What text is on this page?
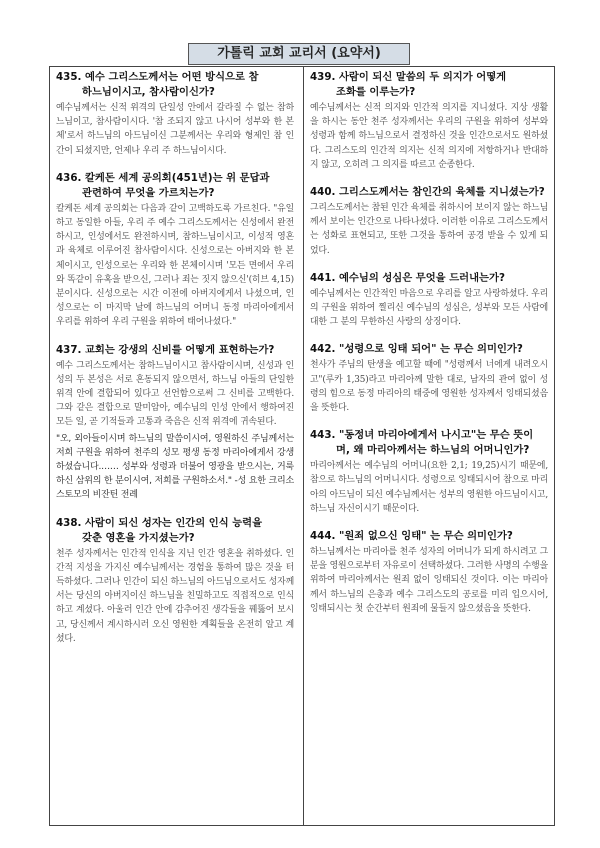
가톨릭 교회 교리서 (요약서)
435. 예수 그리스도께서는 어떤 방식으로 참
하느님이시고, 참사람이신가?
예수님께서는 신적 위격의 단일성 안에서 갈라질 수 없는 참하느님이고, 참사람이시다. '참 조되지 않고 나시어 성부와 한 본체'로서 하느님의 아드님이신 그분께서는 우리와 형제인 참 인간이 되셨지만, 언제나 우리 주 하느님이시다.
436. 칼케돈 세계 공의회(451년)는 위 문답과
관련하여 무엇을 가르치는가?
칼케돈 세계 공의회는 다음과 같이 고백하도록 가르친다. "유일하고 동일한 아들, 우리 주 예수 그리스도께서는 신성에서 완전하시고, 인성에서도 완전하시며, 참하느님이시고, 이성적 영혼과 육체로 이루어진 참사람이시다. 신성으로는 아버지와 한 본체이시고, 인성으로는 우리와 한 본체이시며 '모든 면에서 우리와 똑같이 유혹을 받으신, 그러나 죄는 짓지 않으신'(히브 4,15) 분이시다. 신성으로는 시간 이전에 아버지에게서 나셨으며, 인성으로는 이 마지막 날에 하느님의 어머니 동정 마리아에게서 우리를 위하여 우리 구원을 위하여 태어나셨다."
437. 교회는 강생의 신비를 어떻게 표현하는가?
예수 그리스도께서는 참하느님이시고 참사람이시며, 신성과 인성의 두 본성은 서로 혼동되지 않으면서, 하느님 아들의 단일한 위격 안에 결합되어 있다고 선언함으로써 그 신비를 고백한다. 그와 같은 결합으로 말미암아, 예수님의 인성 안에서 행하여진 모든 일, 곧 기적들과 고통과 죽음은 신적 위격에 귀속된다.
"오, 외아들이시며 하느님의 말씀이시여, 영원하신 주님께서는 저희 구원을 위하여 천주의 성모 평생 동정 마리아에게서 강생하셨습니다.…… 성부와 성령과 더불어 영광을 받으시는, 거룩하신 삼위의 한 분이시여, 저희를 구원하소서." -성 요한 크리소스토모의 비잔틴 전례
438. 사람이 되신 성자는 인간의 인식 능력을
갖춘 영혼을 가지셨는가?
천주 성자께서는 인간적 인식을 지닌 인간 영혼을 취하셨다. 인간적 지성을 가지신 예수님께서는 경험을 통하여 많은 것을 터득하셨다. 그러나 인간이 되신 하느님의 아드님으로서도 성자께서는 당신의 아버지이신 하느님을 친밀하고도 직접적으로 인식하고 계셨다. 아울러 인간 안에 감추어진 생각들을 꿰뚫어 보시고, 당신께서 계시하시러 오신 영원한 계획들을 온전히 알고 계셨다.
439. 사람이 되신 말씀의 두 의지가 어떻게
조화를 이루는가?
예수님께서는 신적 의지와 인간적 의지를 지니셨다. 지상 생활을 하시는 동안 천주 성자께서는 우리의 구원을 위하여 성부와 성령과 함께 하느님으로서 결정하신 것을 인간으로서도 원하셨다. 그리스도의 인간적 의지는 신적 의지에 저항하거나 반대하지 않고, 오히려 그 의지를 따르고 순종한다.
440. 그리스도께서는 참인간의 육체를 지니셨는가?
그리스도께서는 참된 인간 육체를 취하시어 보이지 않는 하느님께서 보이는 인간으로 나타나셨다. 이러한 이유로 그리스도께서는 성화로 표현되고, 또한 그것을 통하여 공경 받을 수 있게 되었다.
441. 예수님의 성심은 무엇을 드러내는가?
예수님께서는 인간적인 마음으로 우리를 알고 사랑하셨다. 우리의 구원을 위하여 찔리신 예수님의 성심은, 성부와 모든 사람에 대한 그 분의 무한하신 사랑의 상징이다.
442. "성령으로 잉태 되어" 는 무슨 의미인가?
천사가 주님의 탄생을 예고할 때에 "성령께서 너에게 내려오시고"(루카 1,35)라고 마리아께 말한 대로, 남자의 관여 없이 성령의 힘으로 동정 마리아의 태중에 영원한 성자께서 잉태되셨음을 뜻한다.
443. "동정녀 마리아에게서 나시고"는 무슨 뜻이
며, 왜 마리아께서는 하느님의 어머니인가?
마리아께서는 예수님의 어머니(요한 2,1; 19,25)시기 때문에, 참으로 하느님의 어머니시다. 성령으로 잉태되시어 참으로 마리아의 아드님이 되신 예수님께서는 성부의 영원한 아드님이시고, 하느님 자신이시기 때문이다.
444. "원죄 없으신 잉태" 는 무슨 의미인가?
하느님께서는 마리아를 천주 성자의 어머니가 되게 하시려고 그분을 영원으로부터 자유로이 선택하셨다. 그러한 사명의 수행을 위하여 마리아께서는 원죄 없이 잉태되신 것이다. 이는 마리아께서 하느님의 은총과 예수 그리스도의 공로를 미리 입으시어, 잉태되시는 첫 순간부터 원죄에 물들지 않으셨음을 뜻한다.
